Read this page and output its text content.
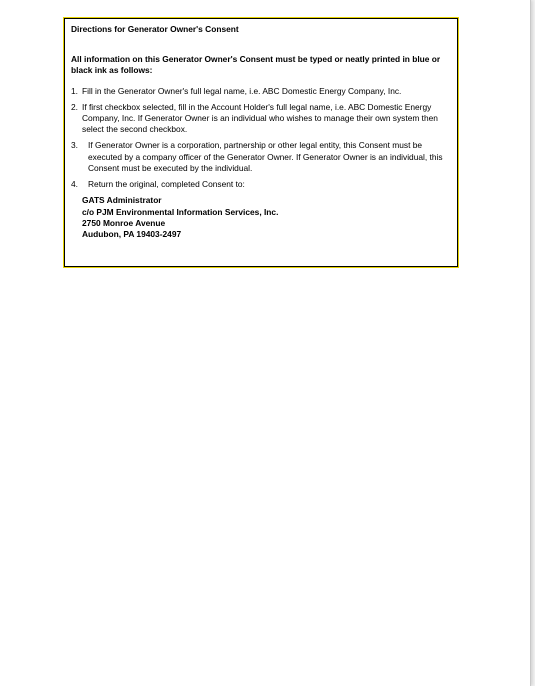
Directions for Generator Owner's Consent

All information on this Generator Owner's Consent must be typed or neatly printed in blue or black ink as follows:

1. Fill in the Generator Owner's full legal name, i.e. ABC Domestic Energy Company, Inc.
2. If first checkbox selected, fill in the Account Holder's full legal name, i.e. ABC Domestic Energy Company, Inc. If Generator Owner is an individual who wishes to manage their own system then select the second checkbox.
3.	If Generator Owner is a corporation, partnership or other legal entity, this Consent must be executed by a company officer of the Generator Owner. If Generator Owner is an individual, this Consent must be executed by the individual.
4.	Return the original, completed Consent to:
GATS Administrator
c/o PJM Environmental Information Services, Inc.
2750 Monroe Avenue
Audubon, PA 19403-2497
